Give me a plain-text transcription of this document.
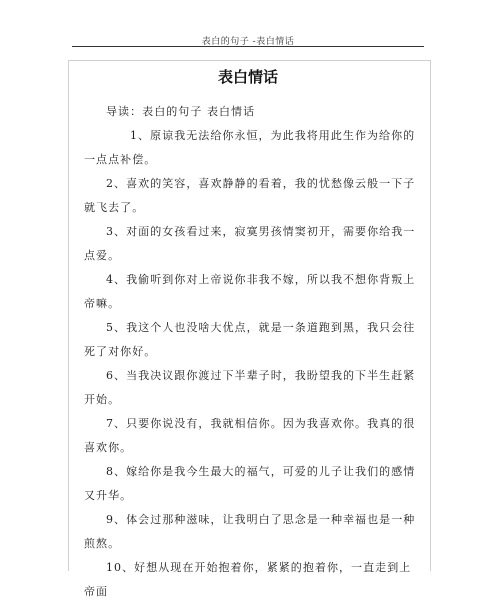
表白的句子 -表白情话
表白情话

导读：表白的句子 表白情话

1、原谅我无法给你永恒，为此我将用此生作为给你的一点点补偿。

2、喜欢的笑容，喜欢静静的看着，我的忧愁像云般一下子就飞去了。

3、对面的女孩看过来，寂寞男孩情窦初开，需要你给我一点爱。

4、我偷听到你对上帝说你非我不嫁，所以我不想你背叛上帝嘛。

5、我这个人也没啥大优点，就是一条道跑到黑，我只会往死了对你好。

6、当我决议跟你渡过下半辈子时，我盼望我的下半生赶紧开始。

7、只要你说没有，我就相信你。因为我喜欢你。我真的很喜欢你。

8、嫁给你是我今生最大的福气，可爱的儿子让我们的感情又升华。

9、体会过那种滋味，让我明白了思念是一种幸福也是一种煎熬。

10、好想从现在开始抱着你，紧紧的抱着你，一直走到上帝面
